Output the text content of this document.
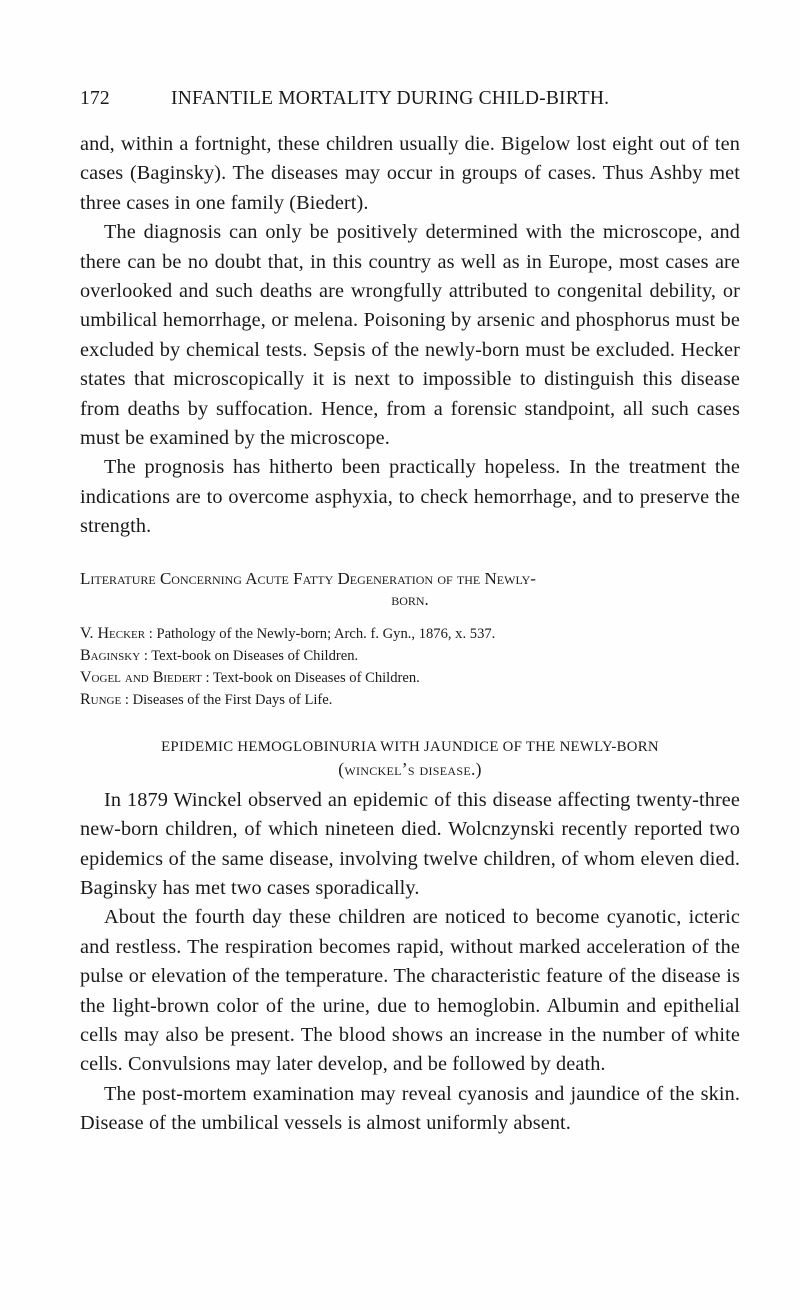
172	INFANTILE MORTALITY DURING CHILD-BIRTH.

and, within a fortnight, these children usually die. Bigelow lost eight out of ten cases (Baginsky). The diseases may occur in groups of cases. Thus Ashby met three cases in one family (Biedert).

The diagnosis can only be positively determined with the microscope, and there can be no doubt that, in this country as well as in Europe, most cases are overlooked and such deaths are wrongfully attributed to congenital debility, or umbilical hemorrhage, or melena. Poisoning by arsenic and phosphorus must be excluded by chemical tests. Sepsis of the newly-born must be excluded. Hecker states that microscopically it is next to impossible to distinguish this disease from deaths by suffocation. Hence, from a forensic standpoint, all such cases must be examined by the microscope.

The prognosis has hitherto been practically hopeless. In the treatment the indications are to overcome asphyxia, to check hemorrhage, and to preserve the strength.

Literature Concerning Acute Fatty Degeneration of the Newly-
born.
V. Hecker : Pathology of the Newly-born; Arch. f. Gyn., 1876, x. 537.
Baginsky : Text-book on Diseases of Children.
Vogel and Biedert : Text-book on Diseases of Children.
Runge : Diseases of the First Days of Life.
EPIDEMIC HEMOGLOBINURIA WITH JAUNDICE OF THE NEWLY-BORN
(winckel’s disease.)

In 1879 Winckel observed an epidemic of this disease affecting twenty-three new-born children, of which nineteen died. Wolcnzynski recently reported two epidemics of the same disease, involving twelve children, of whom eleven died. Baginsky has met two cases sporadically.

About the fourth day these children are noticed to become cyanotic, icteric and restless. The respiration becomes rapid, without marked acceleration of the pulse or elevation of the temperature. The characteristic feature of the disease is the light-brown color of the urine, due to hemoglobin. Albumin and epithelial cells may also be present. The blood shows an increase in the number of white cells. Convulsions may later develop, and be followed by death.

The post-mortem examination may reveal cyanosis and jaundice of the skin. Disease of the umbilical vessels is almost uniformly absent.
